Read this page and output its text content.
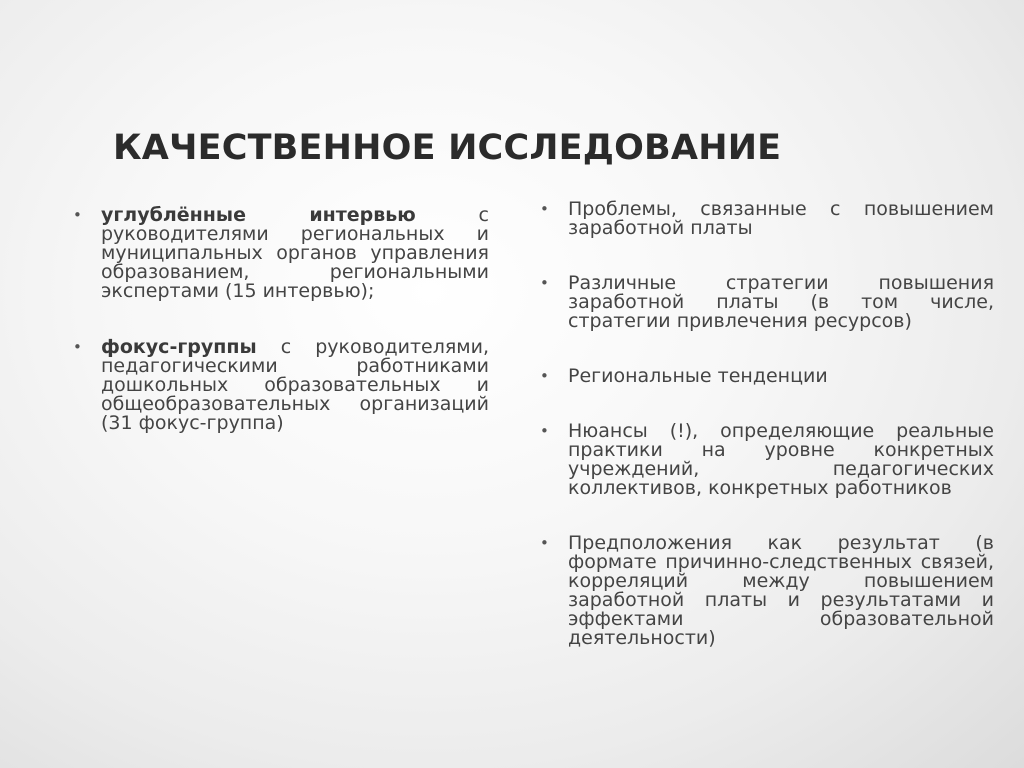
КАЧЕСТВЕННОЕ ИССЛЕДОВАНИЕ
• углублённые интервью с руководителями региональных и муниципальных органов управления образованием, региональными экспертами (15 интервью);
• фокус-группы с руководителями, педагогическими работниками дошкольных образовательных и общеобразовательных организаций (31 фокус-группа)
• Проблемы, связанные с повышением заработной платы
• Различные стратегии повышения заработной платы (в том числе, стратегии привлечения ресурсов)
• Региональные тенденции
• Нюансы (!), определяющие реальные практики на уровне конкретных учреждений, педагогических коллективов, конкретных работников
• Предположения как результат (в формате причинно-следственных связей, корреляций между повышением заработной платы и результатами и эффектами образовательной деятельности)
